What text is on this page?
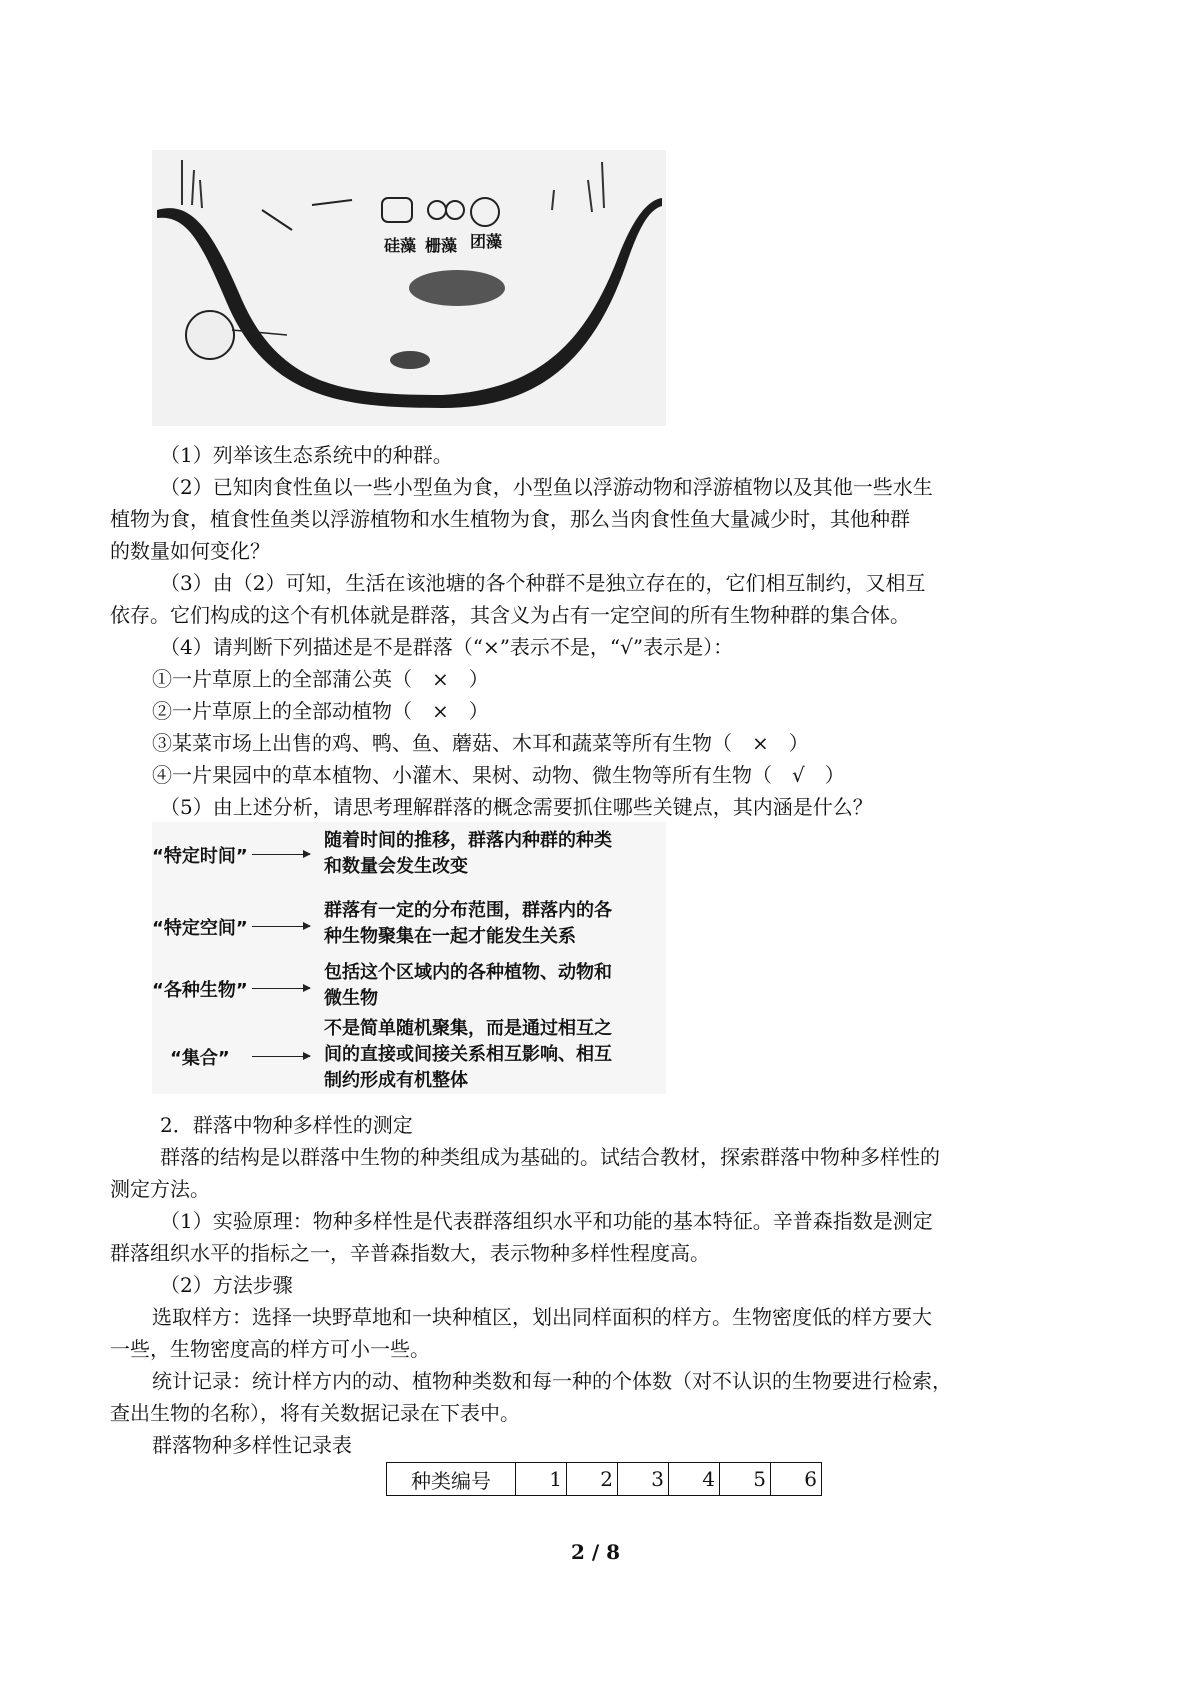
硅藻 栅藻 团藻
（1）列举该生态系统中的种群。
（2）已知肉食性鱼以一些小型鱼为食，小型鱼以浮游动物和浮游植物以及其他一些水生
植物为食，植食性鱼类以浮游植物和水生植物为食，那么当肉食性鱼大量减少时，其他种群
的数量如何变化？
（3）由（2）可知，生活在该池塘的各个种群不是独立存在的，它们相互制约，又相互
依存。它们构成的这个有机体就是群落，其含义为占有一定空间的所有生物种群的集合体。
（4）请判断下列描述是不是群落（“×”表示不是，“√”表示是）：
①一片草原上的全部蒲公英（　×　）
②一片草原上的全部动植物（　×　）
③某菜市场上出售的鸡、鸭、鱼、蘑菇、木耳和蔬菜等所有生物（　×　）
④一片果园中的草本植物、小灌木、果树、动物、微生物等所有生物（　√　）
（5）由上述分析，请思考理解群落的概念需要抓住哪些关键点，其内涵是什么？
“特定时间”
随着时间的推移，群落内种群的种类
和数量会发生改变
“特定空间”
群落有一定的分布范围，群落内的各
种生物聚集在一起才能发生关系
“各种生物”
包括这个区域内的各种植物、动物和
微生物
“集合”
不是简单随机聚集，而是通过相互之
间的直接或间接关系相互影响、相互
制约形成有机整体
2．群落中物种多样性的测定
群落的结构是以群落中生物的种类组成为基础的。试结合教材，探索群落中物种多样性的
测定方法。
（1）实验原理：物种多样性是代表群落组织水平和功能的基本特征。辛普森指数是测定
群落组织水平的指标之一，辛普森指数大，表示物种多样性程度高。
（2）方法步骤
选取样方：选择一块野草地和一块种植区，划出同样面积的样方。生物密度低的样方要大
一些，生物密度高的样方可小一些。
统计记录：统计样方内的动、植物种类数和每一种的个体数（对不认识的生物要进行检索，
查出生物的名称），将有关数据记录在下表中。
群落物种多样性记录表
种类编号	1	2	3	4	5	6
2 / 8
